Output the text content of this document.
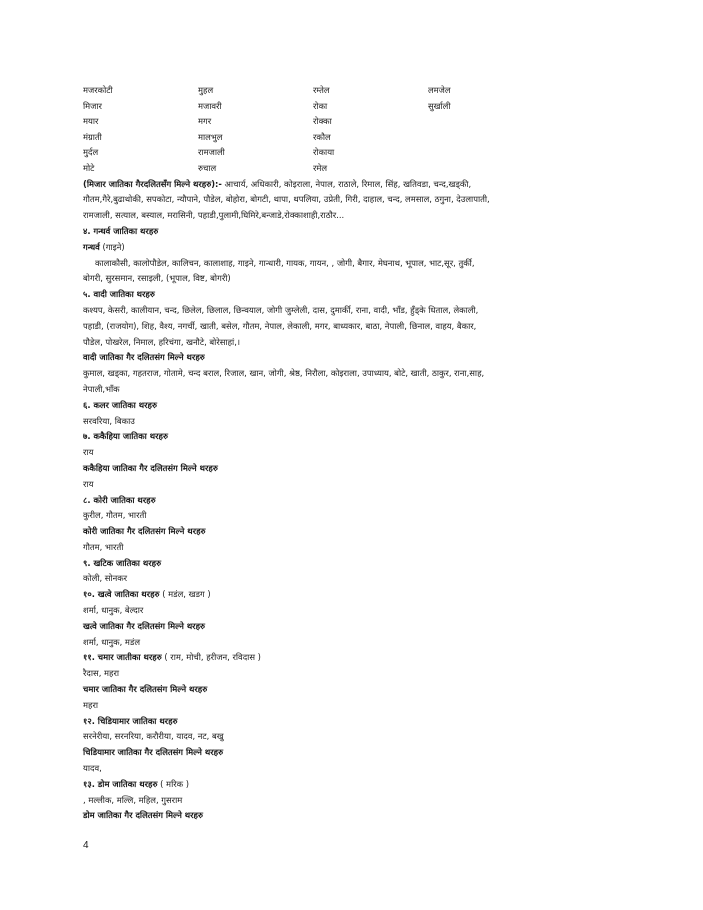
मजरकोटी	मुहल	रम्तेल	लमजेल
मिजार	मजावरी	रोका	सुर्खाली
मयार	मगर	रोक्का
मंग्राती	मालभुल	रकौल
मुर्दल	रामजाली	रोकाया
मोटे	रुचाल	रमेल
(मिजार जातिका गैरदलितसँग मिल्ने थरहरु):- आचार्य, अधिकारी, कोइराला, नेपाल, राठाले, रिमाल, सिंह, खतिवडा, चन्द,खड्की,
गौतम,गैरे,बुढाथोकी, सपकोटा, न्यौपाने, पौडेल, बोहोरा, बोगटी, थापा, थपलिया, उप्रेती, गिरी, दाहाल, चन्द, लमसाल, ठगुना, देउलापाती,
रामजाली, सत्याल, बस्याल, मरासिनी, पहाडी,पुलामी,घिमिरे,बन्जाडे,रोक्काशाही,राठौर...
४. गन्धर्व जातिका थरहरु
गन्धर्व (गाइने)
कालाकौसी, कालोपौडेल, कालिचन, कालाशाह, गाइने, गान्धारी, गायक, गायन, , जोगी, बैगार, मेघनाथ, भूपाल, भाट,सूर, तुर्की,
बोगरी, सुरसमान, रसाइली, (भूपाल, विष्ट, बोगरी)
५. वादी जातिका थरहरु
कश्यप, केसरी, कालीयान, चन्द, छिलेल, छिलाल, छिन्वयाल, जोगी जुम्लेली, दास, दुमार्की, राना, वादी, भाँड, हुँड्के धिताल, लेकाली,
पहाडी, (राजयोग), शिह, वैश्य, नगर्ची, खाती, बसेल, गौतम, नेपाल, लेकाली, मगर, बाध्यकार, बाठा, नेपाली, छिनाल, वाहय, बैकार,
पौडेल, पोखरेल, निमाल, हरिचंगा, खनौटे, बोरेसाहां,।
वादी जातिका गैर दलितसंग मिल्ने थरहरु
कुमाल, खड्का, गहतराज, गोतामे, चन्द बराल, रिजाल, खान, जोगी, श्रेष्ठ, निरौला, कोइराला, उपाध्याय, बोटे, खाती, ठाकुर, राना,साह,
नेपाली,भाँक
६. कलर जातिका थरहरु
सरवरिया, बिकाउ
७. ककैहिया जातिका थरहरु
राय
ककैहिया जातिका गैर दलितसंग मिल्ने थरहरु
राय
८. कोरी जातिका थरहरु
कुरील, गौतम, भारती
कोरी जातिका गैर दलितसंग मिल्ने थरहरु
गौतम, भारती
९. खटिक जातिका थरहरु
कोली, सोनकर
१०. खत्वे जातिका थरहरु ( मडंल, खडग )
शर्मा, धानुक, बेल्दार
खत्वे जातिका गैर दलितसंग मिल्ने थरहरु
शर्मा, धानुक, मडंल
११. चमार जातीका थरहरु ( राम, मोची, हरीजन, रविदास )
रैदास, महरा
चमार जातिका गैर दलितसंग मिल्ने थरहरु
महरा
१२. चिडियामार जातिका थरहरु
सरनेरीया, सरनरिया, करौरीया, यादव, नट, बखु
चिडियामार जातिका गैर दलितसंग मिल्ने थरहरु
यादव,
१३. डोम जातिका थरहरु ( मरिक )
, मल्लीक, मल्लि, महिल, गुसराम
डोम जातिका गैर दलितसंग मिल्ने थरहरु
4
